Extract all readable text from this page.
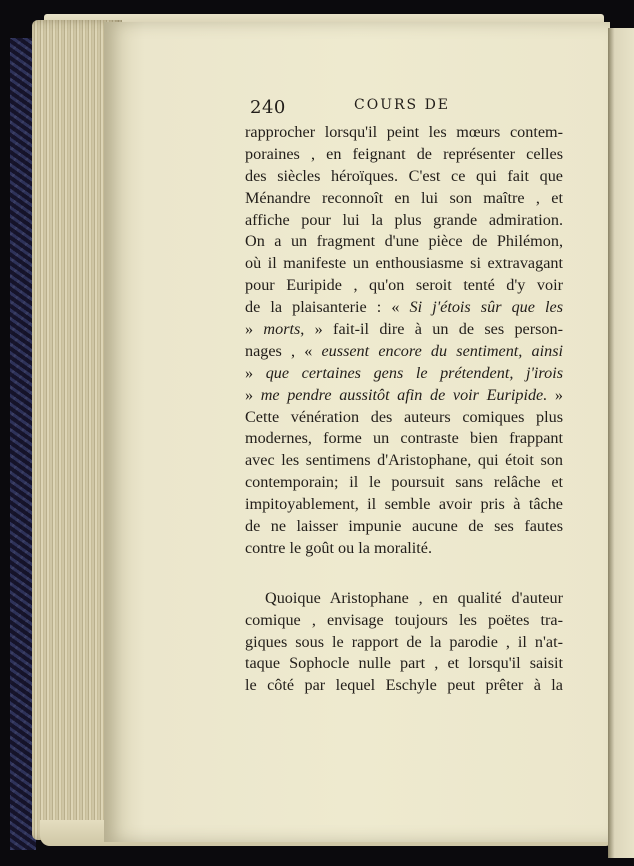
240	COURS DE
rapprocher lorsqu'il peint les mœurs contem-
poraines , en feignant de représenter celles
des siècles héroïques. C'est ce qui fait que
Ménandre reconnoît en lui son maître , et
affiche pour lui la plus grande admiration.
On a un fragment d'une pièce de Philémon,
où il manifeste un enthousiasme si extravagant
pour Euripide , qu'on seroit tenté d'y voir
de la plaisanterie : « Si j'étois sûr que les
» morts, » fait-il dire à un de ses person-
nages , « eussent encore du sentiment, ainsi
» que certaines gens le prétendent, j'irois
» me pendre aussitôt afin de voir Euripide. »
Cette vénération des auteurs comiques plus
modernes, forme un contraste bien frappant
avec les sentimens d'Aristophane, qui étoit son
contemporain; il le poursuit sans relâche et
impitoyablement, il semble avoir pris à tâche
de ne laisser impunie aucune de ses fautes
contre le goût ou la moralité.
Quoique Aristophane , en qualité d'auteur
comique , envisage toujours les poëtes tra-
giques sous le rapport de la parodie , il n'at-
taque Sophocle nulle part , et lorsqu'il saisit
le côté par lequel Eschyle peut prêter à la
